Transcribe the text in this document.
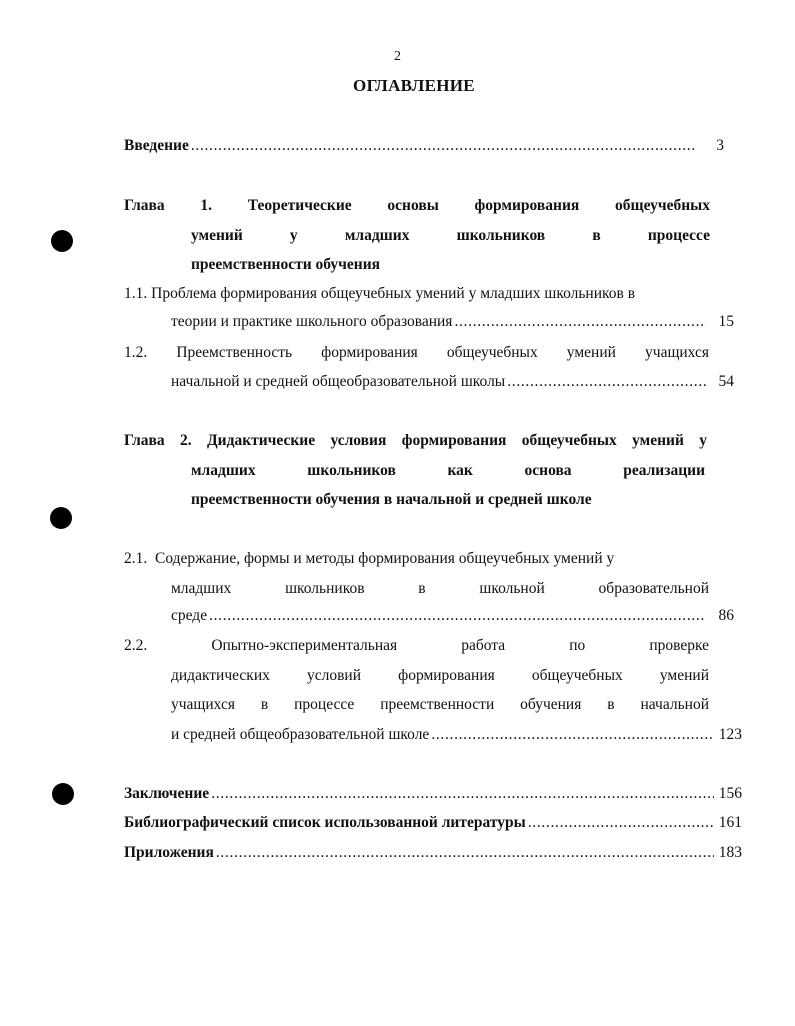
2
ОГЛАВЛЕНИЕ
Введение . . .	3
Глава 1. Теоретические основы формирования общеучебных
умений у младших школьников в процессе
преемственности обучения
1.1. Проблема формирования общеучебных умений у младших школьников в
теории и практике школьного образования . . .	15
1.2. Преемственность формирования общеучебных умений учащихся
начальной и средней общеобразовательной школы . . .	54
Глава 2. Дидактические условия формирования общеучебных умений у
младших школьников как основа реализации
преемственности обучения в начальной и средней школе
2.1.  Содержание, формы и методы формирования общеучебных умений у
младших школьников в школьной образовательной
среде . . .	86
2.2. Опытно-экспериментальная работа по проверке
дидактических условий формирования общеучебных умений
учащихся в процессе преемственности обучения в начальной
и средней общеобразовательной школе . . .	123
Заключение . . .	156
Библиографический список использованной литературы . . .	161
Приложения . . .	183
